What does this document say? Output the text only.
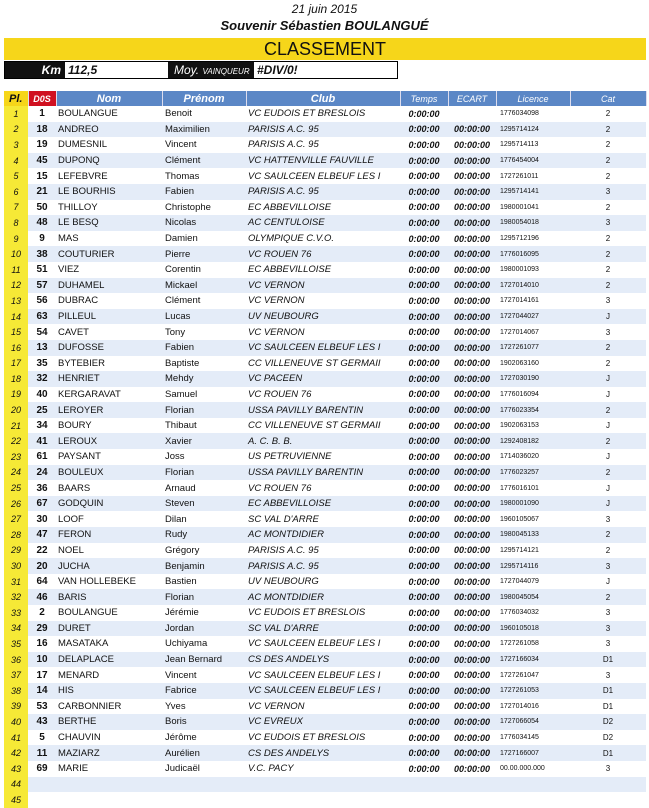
21 juin 2015
Souvenir Sébastien BOULANGUÉ
CLASSEMENT
Km 112,5	Moy. VAINQUEUR #DIV/0!
Pl.	D0S	Nom	Prénom	Club	Temps	ECART	Licence	Cat
1	1	BOULANGUE	Benoit	VC EUDOIS ET BRESLOIS	0:00:00		1776034098	2
2	18	ANDREO	Maximilien	PARISIS A.C. 95	0:00:00	00:00:00	1295714124	2
3	19	DUMESNIL	Vincent	PARISIS A.C. 95	0:00:00	00:00:00	1295714113	2
4	45	DUPONQ	Clément	VC HATTENVILLE FAUVILLE	0:00:00	00:00:00	1776454004	2
5	15	LEFEBVRE	Thomas	VC SAULCEEN ELBEUF LES I	0:00:00	00:00:00	1727261011	2
6	21	LE BOURHIS	Fabien	PARISIS A.C. 95	0:00:00	00:00:00	1295714141	3
7	50	THILLOY	Christophe	EC ABBEVILLOISE	0:00:00	00:00:00	1980001041	2
8	48	LE BESQ	Nicolas	AC CENTULOISE	0:00:00	00:00:00	1980054018	3
9	9	MAS	Damien	OLYMPIQUE C.V.O.	0:00:00	00:00:00	1295712196	2
10	38	COUTURIER	Pierre	VC ROUEN 76	0:00:00	00:00:00	1776016095	2
11	51	VIEZ	Corentin	EC ABBEVILLOISE	0:00:00	00:00:00	1980001093	2
12	57	DUHAMEL	Mickael	VC VERNON	0:00:00	00:00:00	1727014010	2
13	56	DUBRAC	Clément	VC VERNON	0:00:00	00:00:00	1727014161	3
14	63	PILLEUL	Lucas	UV NEUBOURG	0:00:00	00:00:00	1727044027	J
15	54	CAVET	Tony	VC VERNON	0:00:00	00:00:00	1727014067	3
16	13	DUFOSSE	Fabien	VC SAULCEEN ELBEUF LES I	0:00:00	00:00:00	1727261077	2
17	35	BYTEBIER	Baptiste	CC VILLENEUVE ST GERMAII	0:00:00	00:00:00	1902063160	2
18	32	HENRIET	Mehdy	VC PACEEN	0:00:00	00:00:00	1727030190	J
19	40	KERGARAVAT	Samuel	VC ROUEN 76	0:00:00	00:00:00	1776016094	J
20	25	LEROYER	Florian	USSA PAVILLY BARENTIN	0:00:00	00:00:00	1776023354	2
21	34	BOURY	Thibaut	CC VILLENEUVE ST GERMAII	0:00:00	00:00:00	1902063153	J
22	41	LEROUX	Xavier	A. C. B. B.	0:00:00	00:00:00	1292408182	2
23	61	PAYSANT	Joss	US PETRUVIENNE	0:00:00	00:00:00	1714036020	J
24	24	BOULEUX	Florian	USSA PAVILLY BARENTIN	0:00:00	00:00:00	1776023257	2
25	36	BAARS	Arnaud	VC ROUEN 76	0:00:00	00:00:00	1776016101	J
26	67	GODQUIN	Steven	EC ABBEVILLOISE	0:00:00	00:00:00	1980001090	J
27	30	LOOF	Dilan	SC VAL D'ARRE	0:00:00	00:00:00	1960105067	3
28	47	FERON	Rudy	AC MONTDIDIER	0:00:00	00:00:00	1980045133	2
29	22	NOEL	Grégory	PARISIS A.C. 95	0:00:00	00:00:00	1295714121	2
30	20	JUCHA	Benjamin	PARISIS A.C. 95	0:00:00	00:00:00	1295714116	3
31	64	VAN HOLLEBEKE	Bastien	UV NEUBOURG	0:00:00	00:00:00	1727044079	J
32	46	BARIS	Florian	AC MONTDIDIER	0:00:00	00:00:00	1980045054	2
33	2	BOULANGUE	Jérémie	VC EUDOIS ET BRESLOIS	0:00:00	00:00:00	1776034032	3
34	29	DURET	Jordan	SC VAL D'ARRE	0:00:00	00:00:00	1960105018	3
35	16	MASATAKA	Uchiyama	VC SAULCEEN ELBEUF LES I	0:00:00	00:00:00	1727261058	3
36	10	DELAPLACE	Jean Bernard	CS DES ANDELYS	0:00:00	00:00:00	1727166034	D1
37	17	MENARD	Vincent	VC SAULCEEN ELBEUF LES I	0:00:00	00:00:00	1727261047	3
38	14	HIS	Fabrice	VC SAULCEEN ELBEUF LES I	0:00:00	00:00:00	1727261053	D1
39	53	CARBONNIER	Yves	VC VERNON	0:00:00	00:00:00	1727014016	D1
40	43	BERTHE	Boris	VC EVREUX	0:00:00	00:00:00	1727066054	D2
41	5	CHAUVIN	Jérôme	VC EUDOIS ET BRESLOIS	0:00:00	00:00:00	1776034145	D2
42	11	MAZIARZ	Aurélien	CS DES ANDELYS	0:00:00	00:00:00	1727166007	D1
43	69	MARIE	Judicaël	V.C. PACY	0:00:00	00:00:00	00.00.000.000	3
44								
45								
